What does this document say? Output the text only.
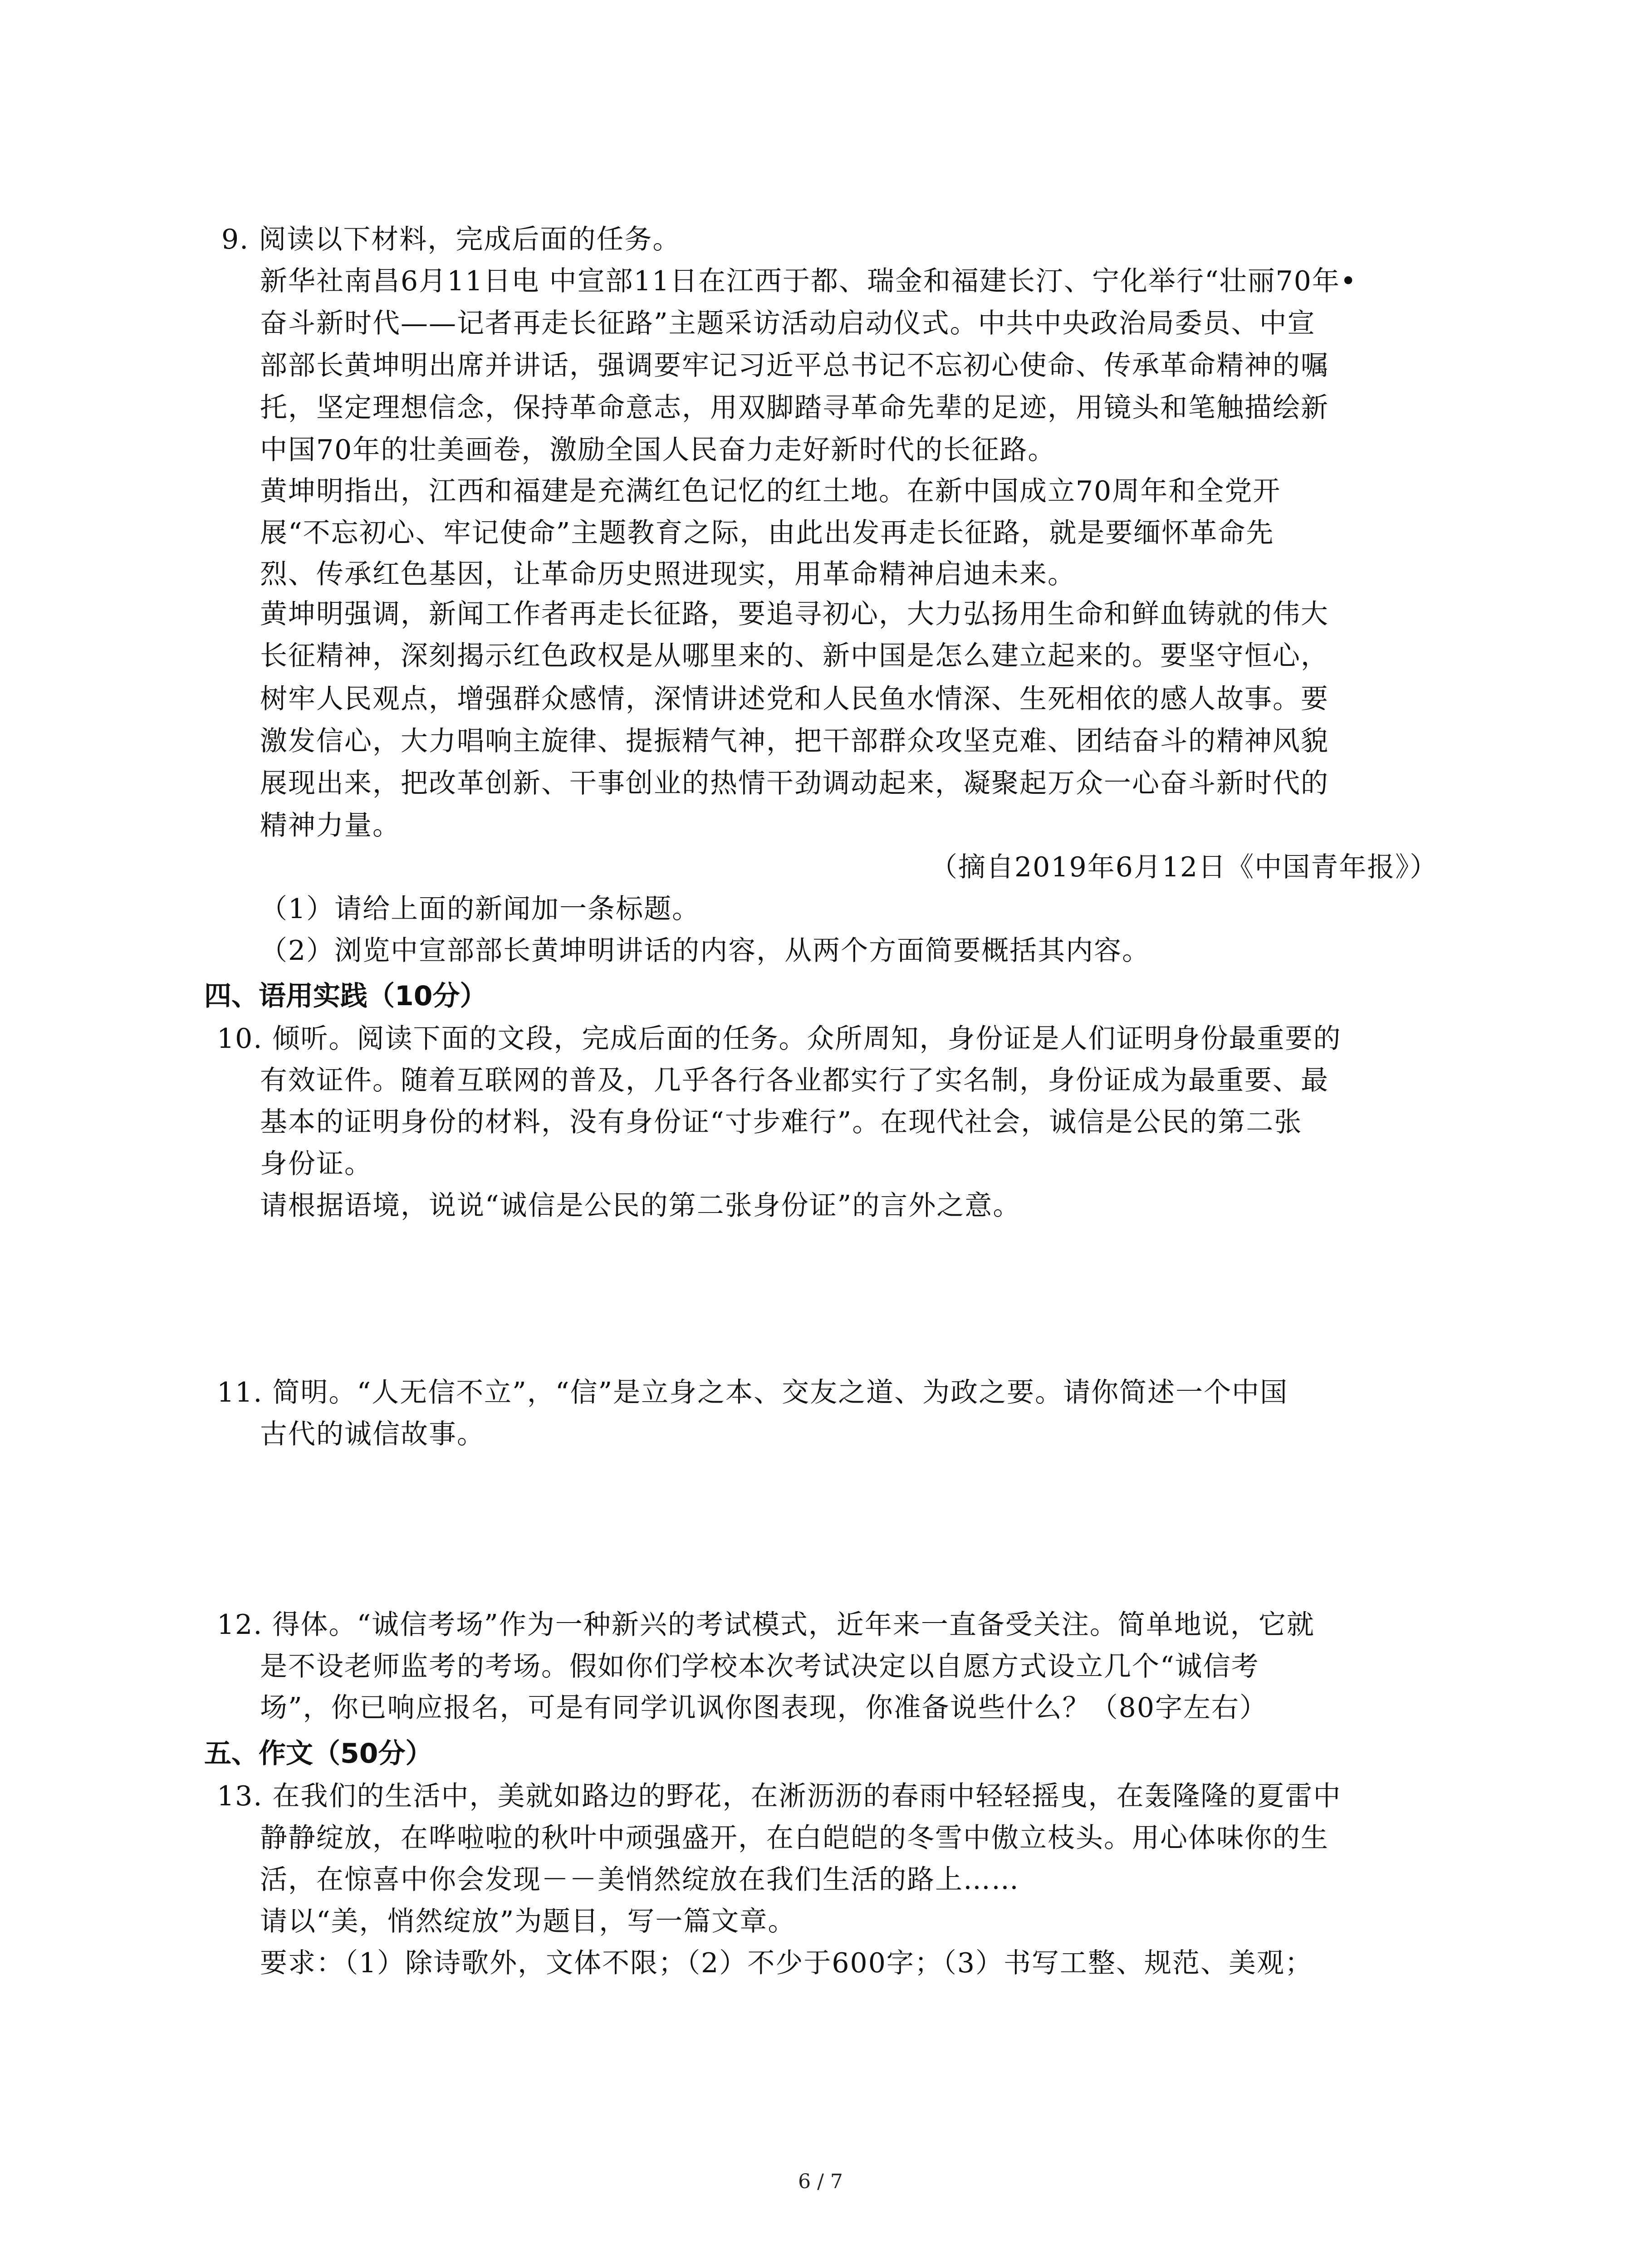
9. 阅读以下材料，完成后面的任务。
新华社南昌6月11日电 中宣部11日在江西于都、瑞金和福建长汀、宁化举行“壮丽70年•
奋斗新时代——记者再走长征路”主题采访活动启动仪式。中共中央政治局委员、中宣
部部长黄坤明出席并讲话，强调要牢记习近平总书记不忘初心使命、传承革命精神的嘱
托，坚定理想信念，保持革命意志，用双脚踏寻革命先辈的足迹，用镜头和笔触描绘新
中国70年的壮美画卷，激励全国人民奋力走好新时代的长征路。
黄坤明指出，江西和福建是充满红色记忆的红土地。在新中国成立70周年和全党开
展“不忘初心、牢记使命”主题教育之际，由此出发再走长征路，就是要缅怀革命先
烈、传承红色基因，让革命历史照进现实，用革命精神启迪未来。
黄坤明强调，新闻工作者再走长征路，要追寻初心，大力弘扬用生命和鲜血铸就的伟大
长征精神，深刻揭示红色政权是从哪里来的、新中国是怎么建立起来的。要坚守恒心，
树牢人民观点，增强群众感情，深情讲述党和人民鱼水情深、生死相依的感人故事。要
激发信心，大力唱响主旋律、提振精气神，把干部群众攻坚克难、团结奋斗的精神风貌
展现出来，把改革创新、干事创业的热情干劲调动起来，凝聚起万众一心奋斗新时代的
精神力量。
（摘自2019年6月12日《中国青年报》）
（1）请给上面的新闻加一条标题。
（2）浏览中宣部部长黄坤明讲话的内容，从两个方面简要概括其内容。
四、语用实践（10分）
10. 倾听。阅读下面的文段，完成后面的任务。众所周知，身份证是人们证明身份最重要的
有效证件。随着互联网的普及，几乎各行各业都实行了实名制，身份证成为最重要、最
基本的证明身份的材料，没有身份证“寸步难行”。在现代社会，诚信是公民的第二张
身份证。
请根据语境，说说“诚信是公民的第二张身份证”的言外之意。
11. 简明。“人无信不立”，“信”是立身之本、交友之道、为政之要。请你简述一个中国
古代的诚信故事。
12. 得体。“诚信考场”作为一种新兴的考试模式，近年来一直备受关注。简单地说，它就
是不设老师监考的考场。假如你们学校本次考试决定以自愿方式设立几个“诚信考
场”，你已响应报名，可是有同学讥讽你图表现，你准备说些什么？（80字左右）
五、作文（50分）
13. 在我们的生活中，美就如路边的野花，在淅沥沥的春雨中轻轻摇曳，在轰隆隆的夏雷中
静静绽放，在哗啦啦的秋叶中顽强盛开，在白皑皑的冬雪中傲立枝头。用心体味你的生
活，在惊喜中你会发现－－美悄然绽放在我们生活的路上……
请以“美，悄然绽放”为题目，写一篇文章。
要求：（1）除诗歌外，文体不限；（2）不少于600字；（3）书写工整、规范、美观；
6 / 7
